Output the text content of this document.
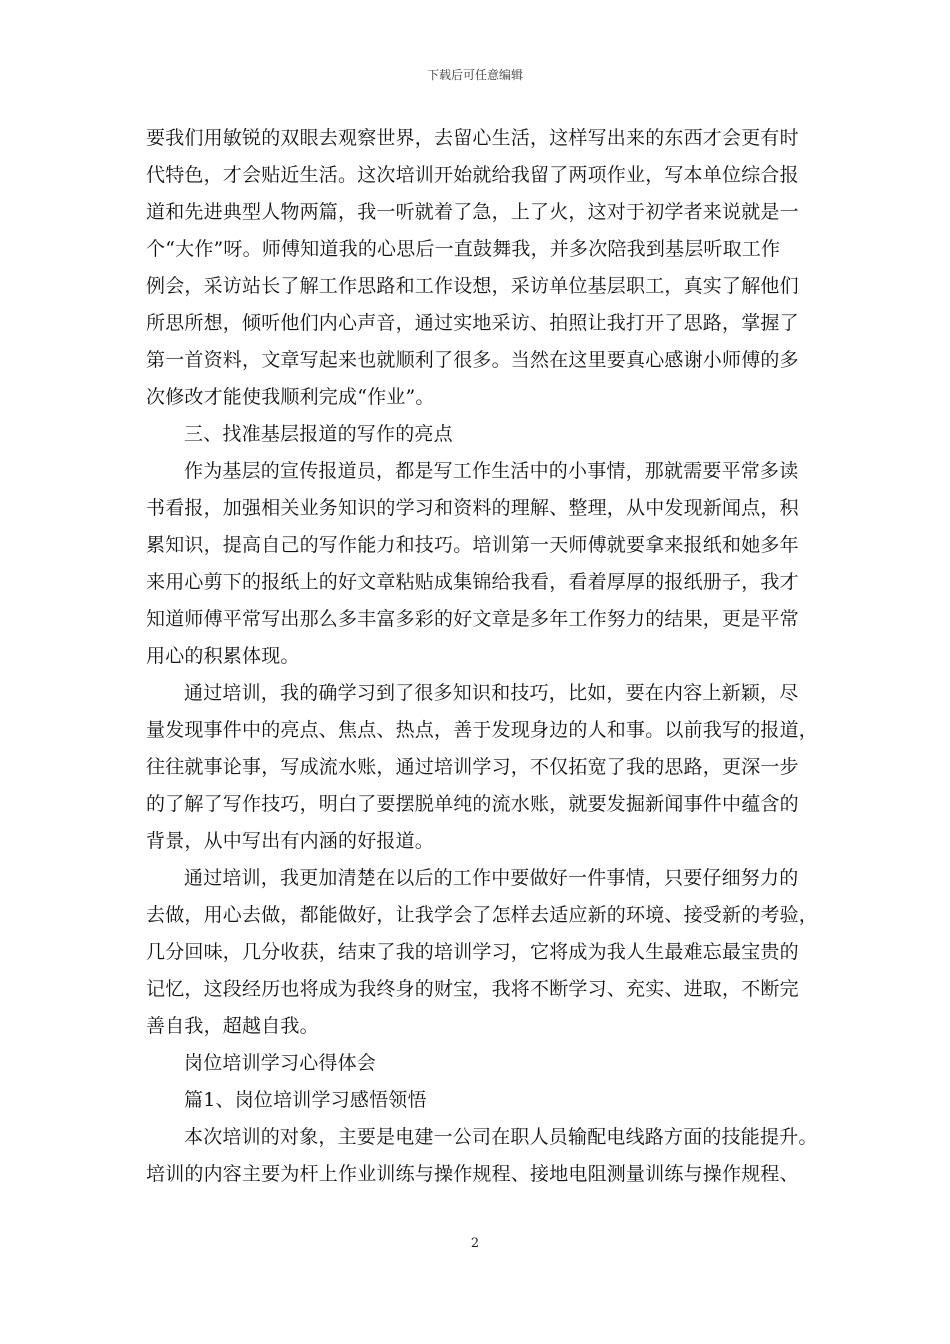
下载后可任意编辑

要我们用敏锐的双眼去观察世界，去留心生活，这样写出来的东西才会更有时
代特色，才会贴近生活。这次培训开始就给我留了两项作业，写本单位综合报
道和先进典型人物两篇，我一听就着了急，上了火，这对于初学者来说就是一
个“大作”呀。师傅知道我的心思后一直鼓舞我，并多次陪我到基层听取工作
例会，采访站长了解工作思路和工作设想，采访单位基层职工，真实了解他们
所思所想，倾听他们内心声音，通过实地采访、拍照让我打开了思路，掌握了
第一首资料，文章写起来也就顺利了很多。当然在这里要真心感谢小师傅的多
次修改才能使我顺利完成“作业”。

三、找准基层报道的写作的亮点

作为基层的宣传报道员，都是写工作生活中的小事情，那就需要平常多读
书看报，加强相关业务知识的学习和资料的理解、整理，从中发现新闻点，积
累知识，提高自己的写作能力和技巧。培训第一天师傅就要拿来报纸和她多年
来用心剪下的报纸上的好文章粘贴成集锦给我看，看着厚厚的报纸册子，我才
知道师傅平常写出那么多丰富多彩的好文章是多年工作努力的结果，更是平常
用心的积累体现。

通过培训，我的确学习到了很多知识和技巧，比如，要在内容上新颖，尽
量发现事件中的亮点、焦点、热点，善于发现身边的人和事。以前我写的报道，
往往就事论事，写成流水账，通过培训学习，不仅拓宽了我的思路，更深一步
的了解了写作技巧，明白了要摆脱单纯的流水账，就要发掘新闻事件中蕴含的
背景，从中写出有内涵的好报道。

通过培训，我更加清楚在以后的工作中要做好一件事情，只要仔细努力的
去做，用心去做，都能做好，让我学会了怎样去适应新的环境、接受新的考验，
几分回味，几分收获，结束了我的培训学习，它将成为我人生最难忘最宝贵的
记忆，这段经历也将成为我终身的财宝，我将不断学习、充实、进取，不断完
善自我，超越自我。

岗位培训学习心得体会

篇1、岗位培训学习感悟领悟

本次培训的对象，主要是电建一公司在职人员输配电线路方面的技能提升。
培训的内容主要为杆上作业训练与操作规程、接地电阻测量训练与操作规程、

2
